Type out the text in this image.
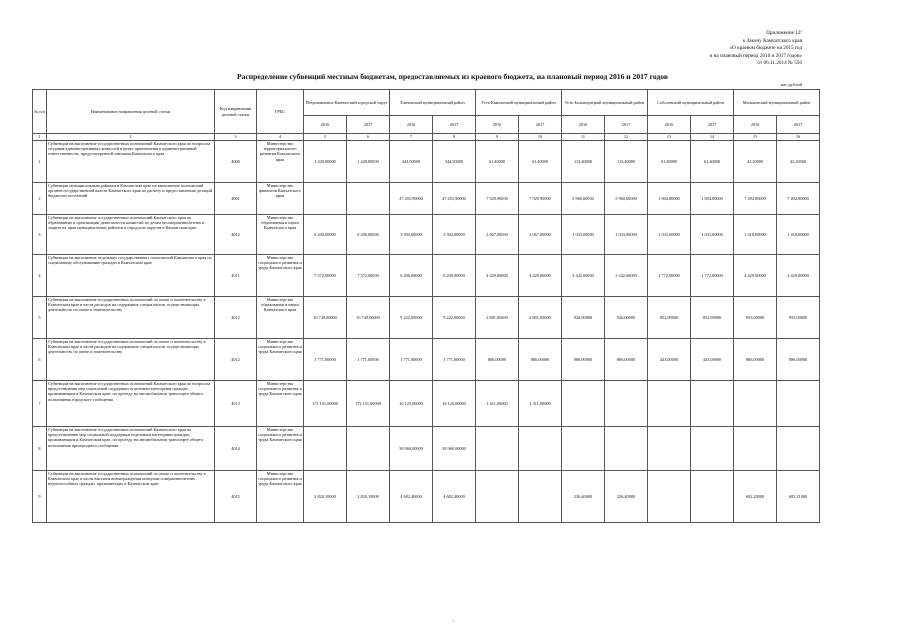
Приложение 12¹
к Закону Камчатского края
«О краевом бюджете на 2015 год
и на плановый период 2016 и 2017 годов»
от 06.11.2014 № 556
Распределение субвенций местным бюджетам, предоставляемых из краевого бюджета, на плановый период 2016 и 2017 годов
тыс.рублей
№ п/п	Наименование направления целевой статьи	Код направления целевой статьи	ГРБС	Петропавловск-Камчатский городской округ		Елизовский муниципальный район		Усть-Камчатский муниципальный район		Усть-Большерецкий муниципальный район		Соболевский муниципальный район		Мильковский муниципальный район	
				2016	2017	2016	2017	2016	2017	2016	2017	2016	2017	2016	2017
1	2	3	4	5	6	7	8	9	10	11	12	13	14	15	16
1	Субвенции на выполнение государственных полномочий Камчатского края по вопросам создания административных комиссий в целях привлечения к административной ответственности, предусмотренной законами Камчатского края	4008	Министерство территориального развития Камчатского края	1 429,80000	1 429,80000	344,50000	344,50000	61,40000	61,40000	113,40000	113,40000	61,40000	61,40000	42,20000	42,20000
2	Субвенции муниципальным районам в Камчатском крае на выполнение полномочий органов государственной власти Камчатского края по расчету и предоставлению дотаций бюджетам поселений	4001	Министерство финансов Камчатского края			47 455,90000	47 455,90000	7 929,90000	7 929,90000	5 960,60000	5 960,60000	1 804,80000	1 804,80000	7 492,80000	7 492,80000
3	Субвенции на выполнение государственных полномочий Камчатского края по образованию и организации деятельности комиссий по делам несовершеннолетних и защите их прав муниципальных районов и городских округов в Камчатском крае	4012	Министерство образования и науки Камчатского края	6 200,00000	6 200,00000	3 392,00000	3 392,00000	2 067,00000	2 067,00000	1 033,00000	1 033,00000	1 033,00000	1 033,00000	1 418,00000	1 418,00000
4	Субвенции на выполнение отдельных государственных полномочий Камчатского края по социальному обслуживанию граждан в Камчатском крае	4011	Министерство социального развития и труда Камчатского края	7 572,00000	7 572,00000	6 200,00000	6 200,00000	4 429,00000	4 429,00000	3 342,00000	3 342,00000	1 772,00000	1 772,00000	4 429,00000	4 429,00000
5	Субвенции на выполнение государственных полномочий по опеке и попечительству в Камчатском крае в части расходов на содержание специалистов, осуществляющих деятельность по опеке и попечительству	4012	Министерство образования и науки Камчатского края	16 749,00000	16 749,00000	9 222,00000	9 222,00000	2 801,00000	2 801,00000	926,00000	926,00000	852,90000	852,90000	955,00000	955,00000
6	Субвенции на выполнение государственных полномочий по опеке и попечительству в Камчатском крае в части расходов на содержание специалистов, осуществляющих деятельность по опеке и попечительству	4012	Министерство социального развития и труда Камчатского края	1 771,00000	1 771,00000	1 771,00000	1 771,00000	886,00000	886,00000	886,00000	886,00000	443,00000	443,00000	886,00000	886,00000
7	Субвенции на выполнение государственных полномочий Камчатского края по вопросам предоставления мер социальной поддержки отдельным категориям граждан, проживающим в Камчатском крае, по проезду на автомобильном транспорте общего пользования городского сообщения	4013	Министерство социального развития и труда Камчатского края	171 151,00000	171 151,00000	16 125,00000	16 125,00000	1 411,00000	1 411,00000						
8	Субвенции на выполнение государственных полномочий Камчатского края по предоставлению мер социальной поддержки отдельным категориям граждан, проживающим в Камчатском крае, по проезду на автомобильном транспорте общего пользования пригородного сообщения	4014	Министерство социального развития и труда Камчатского края			38 960,00000	38 960,00000								
9	Субвенции на выполнение государственных полномочий по опеке и попечительству в Камчатском крае в части выплаты вознаграждения опекунам совершеннолетних недееспособных граждан, проживающих в Камчатском крае	4015	Министерство социального развития и труда Камчатского края	2 820,10000	2 820,10000	4 682,40000	4 682,40000			226,40000	226,40000			682,29000	683,21000
1
